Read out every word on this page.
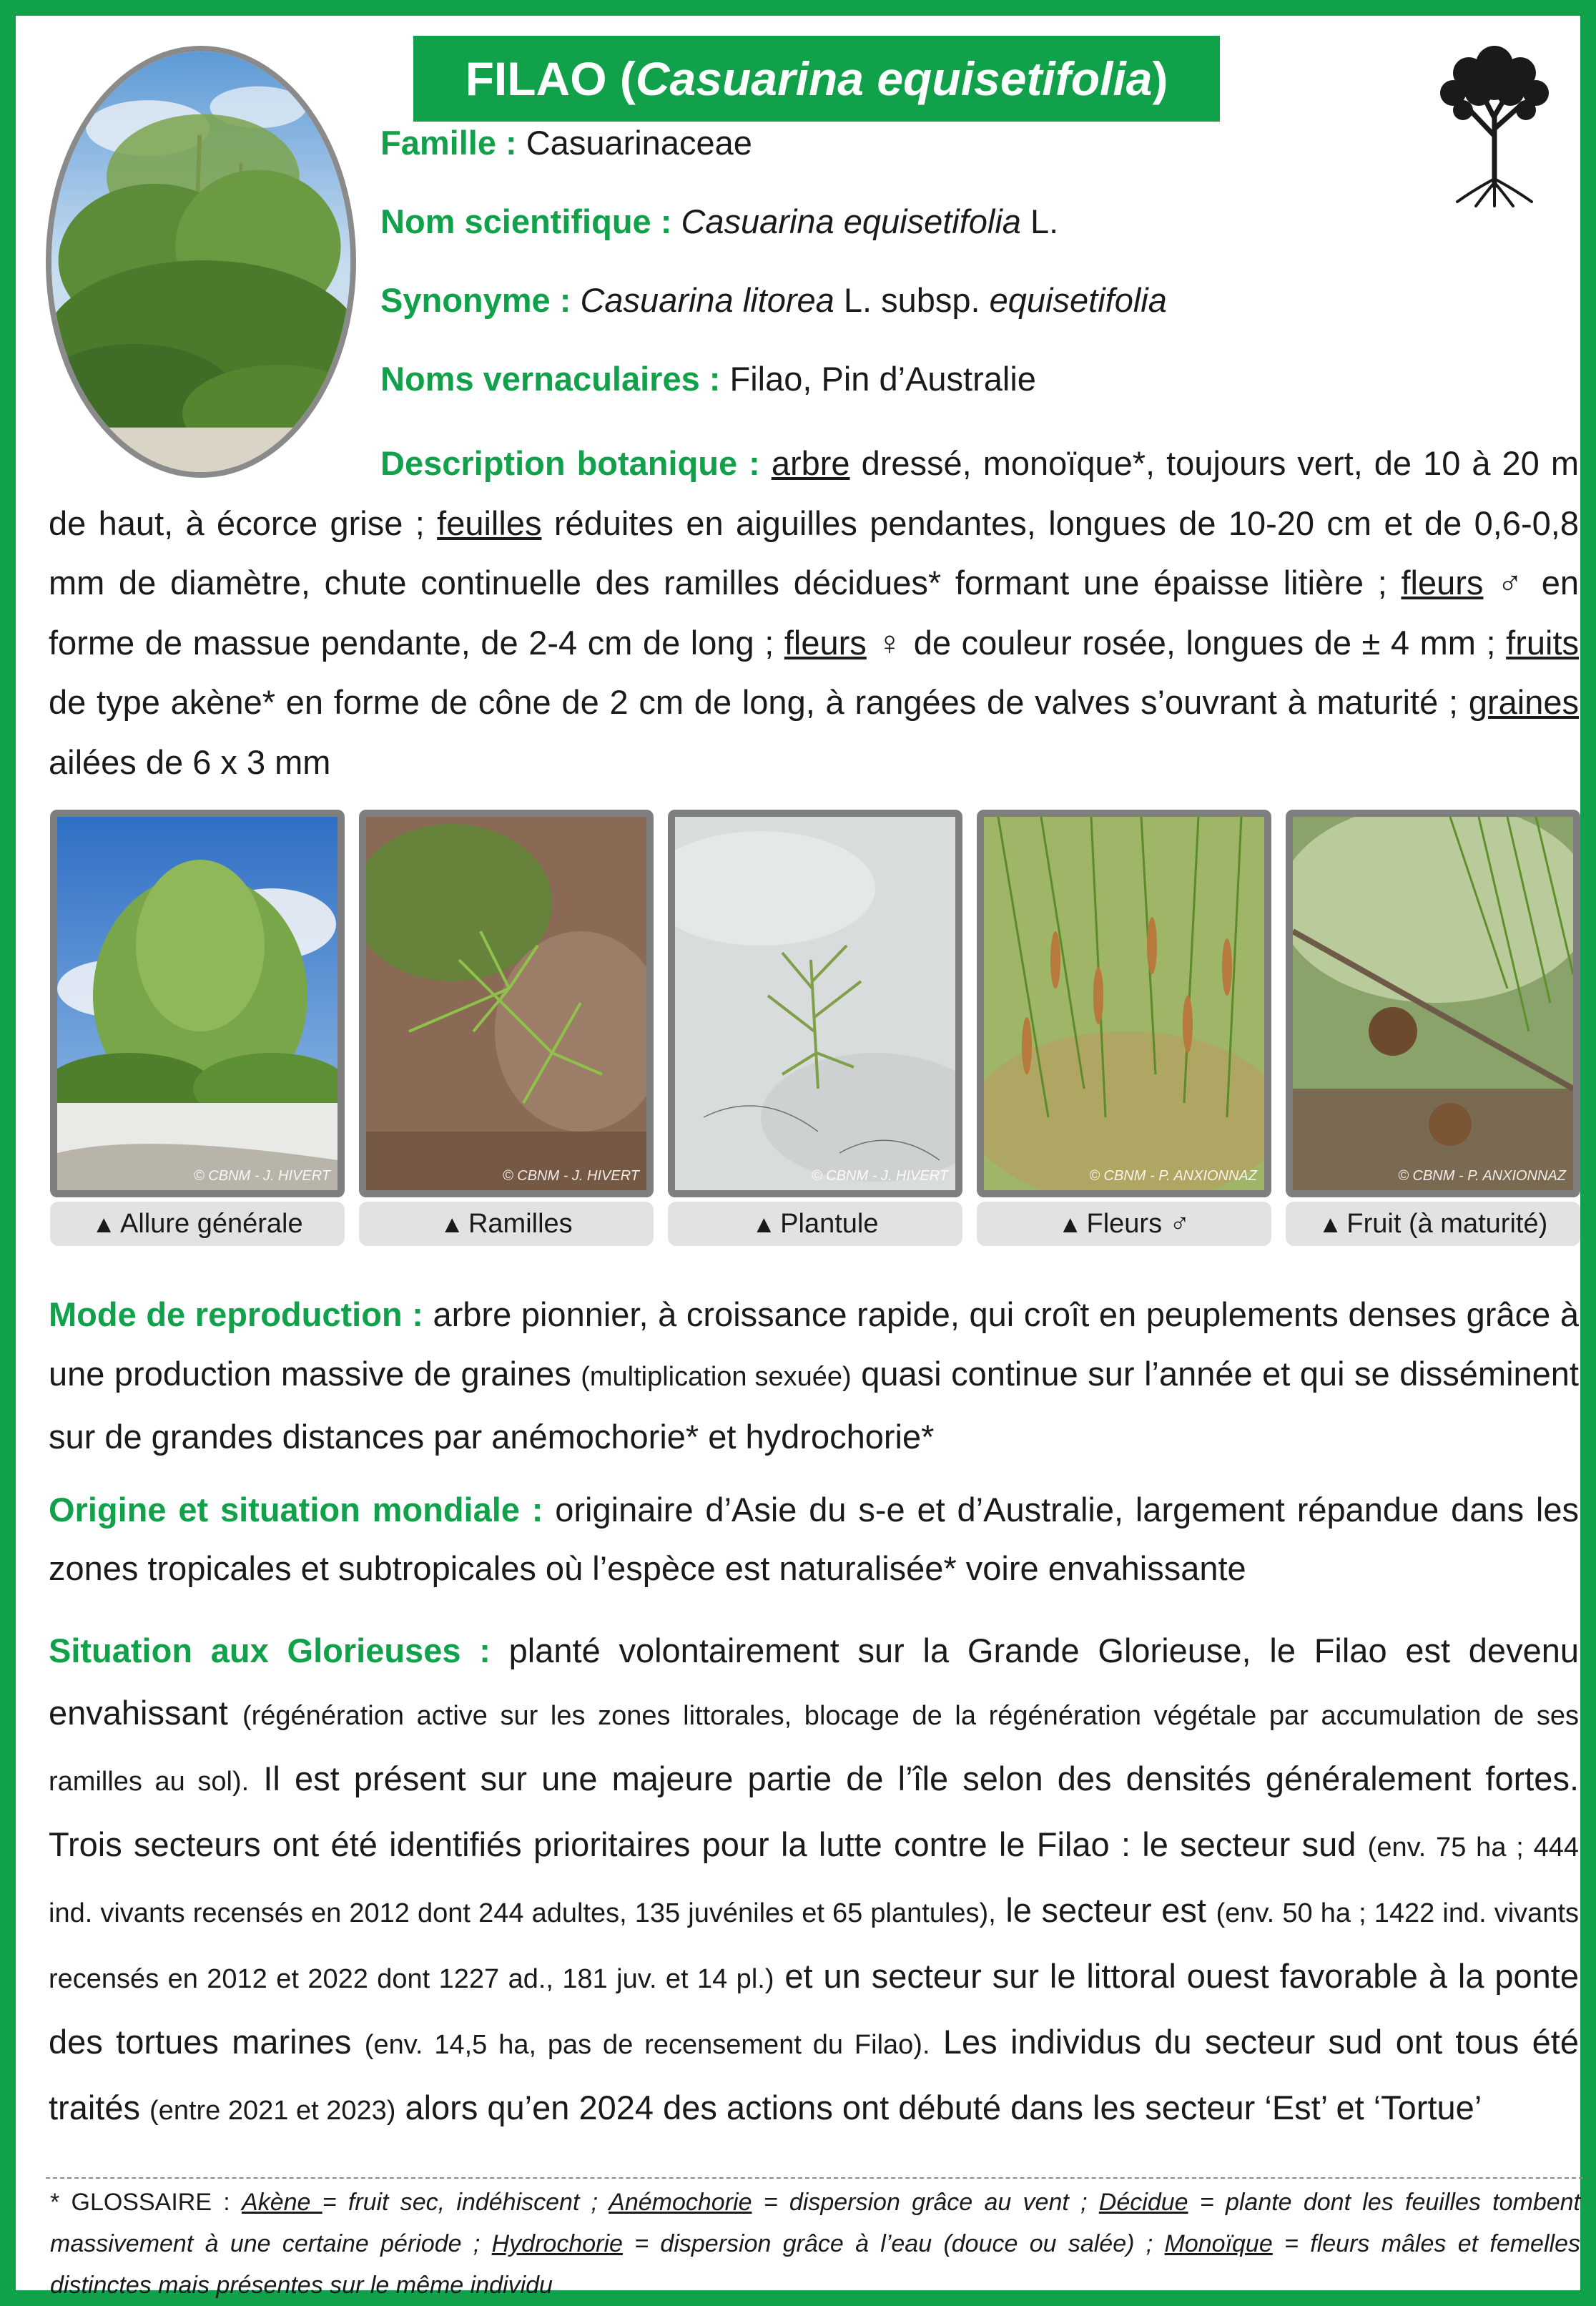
FILAO ( Casuarina equisetifolia )
Famille : Casuarinaceae
Nom scientifique : Casuarina equisetifolia L.
Synonyme : Casuarina litorea L. subsp. equisetifolia
Noms vernaculaires : Filao, Pin d’Australie
Description botanique : arbre dressé, monoïque*, toujours vert, de 10 à 20 m de haut, à écorce grise ; feuilles réduites en aiguilles pendantes, longues de 10-20 cm et de 0,6-0,8 mm de diamètre, chute continuelle des ramilles décidues* formant une épaisse litière ; fleurs ♂ en forme de massue pendante, de 2-4 cm de long ; fleurs ♀ de couleur rosée, longues de ± 4 mm ; fruits de type akène* en forme de cône de 2 cm de long, à rangées de valves s’ouvrant à maturité ; graines ailées de 6 x 3 mm
© CBNM - J. HIVERT
▲ Allure générale
© CBNM - J. HIVERT
▲ Ramilles
© CBNM - J. HIVERT
▲ Plantule
© CBNM - P. ANXIONNAZ
▲ Fleurs ♂
© CBNM - P. ANXIONNAZ
▲ Fruit (à maturité)
Mode de reproduction : arbre pionnier, à croissance rapide, qui croît en peuplements denses grâce à une production massive de graines (multiplication sexuée) quasi continue sur l’année et qui se disséminent sur de grandes distances par anémochorie* et hydrochorie*
Origine et situation mondiale : originaire d’Asie du s-e et d’Australie, largement répandue dans les zones tropicales et subtropicales où l’espèce est naturalisée* voire envahissante
Situation aux Glorieuses : planté volontairement sur la Grande Glorieuse, le Filao est devenu envahissant (régénération active sur les zones littorales, blocage de la régénération végétale par accumulation de ses ramilles au sol). Il est présent sur une majeure partie de l’île selon des densités généralement fortes. Trois secteurs ont été identifiés prioritaires pour la lutte contre le Filao : le secteur sud (env. 75 ha ; 444 ind. vivants recensés en 2012 dont 244 adultes, 135 juvéniles et 65 plantules), le secteur est (env. 50 ha ; 1422 ind. vivants recensés en 2012 et 2022 dont 1227 ad., 181 juv. et 14 pl.) et un secteur sur le littoral ouest favorable à la ponte des tortues marines (env. 14,5 ha, pas de recensement du Filao). Les individus du secteur sud ont tous été traités (entre 2021 et 2023) alors qu’en 2024 des actions ont débuté dans les secteur ‘Est’ et ‘Tortue’
* GLOSSAIRE : Akène = fruit sec, indéhiscent ; Anémochorie = dispersion grâce au vent ; Décidue = plante dont les feuilles tombent massivement à une certaine période ; Hydrochorie = dispersion grâce à l’eau (douce ou salée) ; Monoïque = fleurs mâles et femelles distinctes mais présentes sur le même individu
